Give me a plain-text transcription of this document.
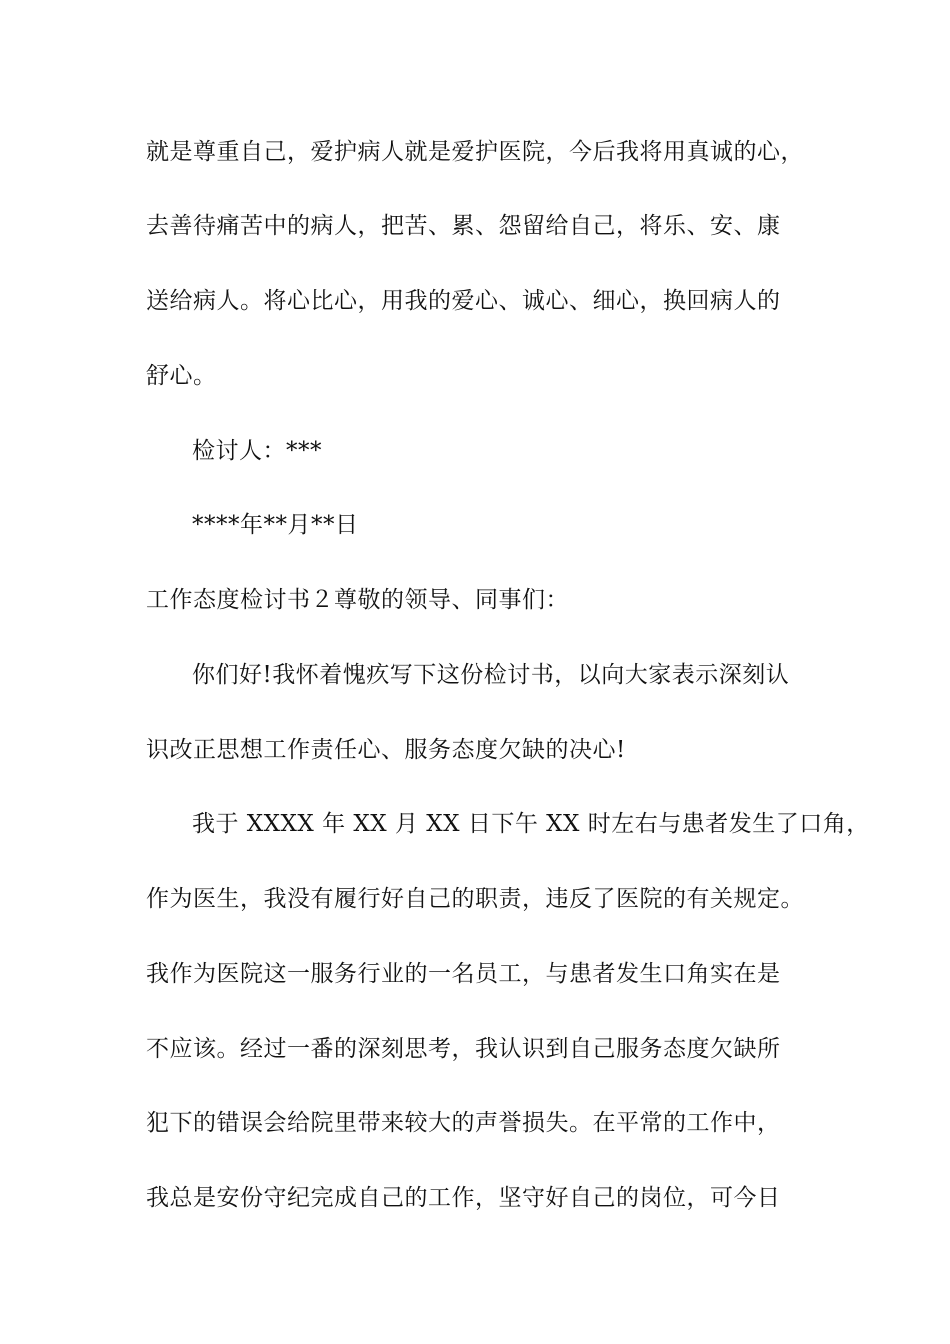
就是尊重自己，爱护病人就是爱护医院，今后我将用真诚的心，
去善待痛苦中的病人，把苦、累、怨留给自己，将乐、安、康
送给病人。将心比心，用我的爱心、诚心、细心，换回病人的
舒心。
检讨人：***
****年**月**日
工作态度检讨书２尊敬的领导、同事们：
你们好!我怀着愧疚写下这份检讨书，以向大家表示深刻认
识改正思想工作责任心、服务态度欠缺的决心!
我于 XXXX 年 XX 月 XX 日下午 XX 时左右与患者发生了口角，
作为医生，我没有履行好自己的职责，违反了医院的有关规定。
我作为医院这一服务行业的一名员工，与患者发生口角实在是
不应该。经过一番的深刻思考，我认识到自己服务态度欠缺所
犯下的错误会给院里带来较大的声誉损失。在平常的工作中，
我总是安份守纪完成自己的工作，坚守好自己的岗位，可今日
